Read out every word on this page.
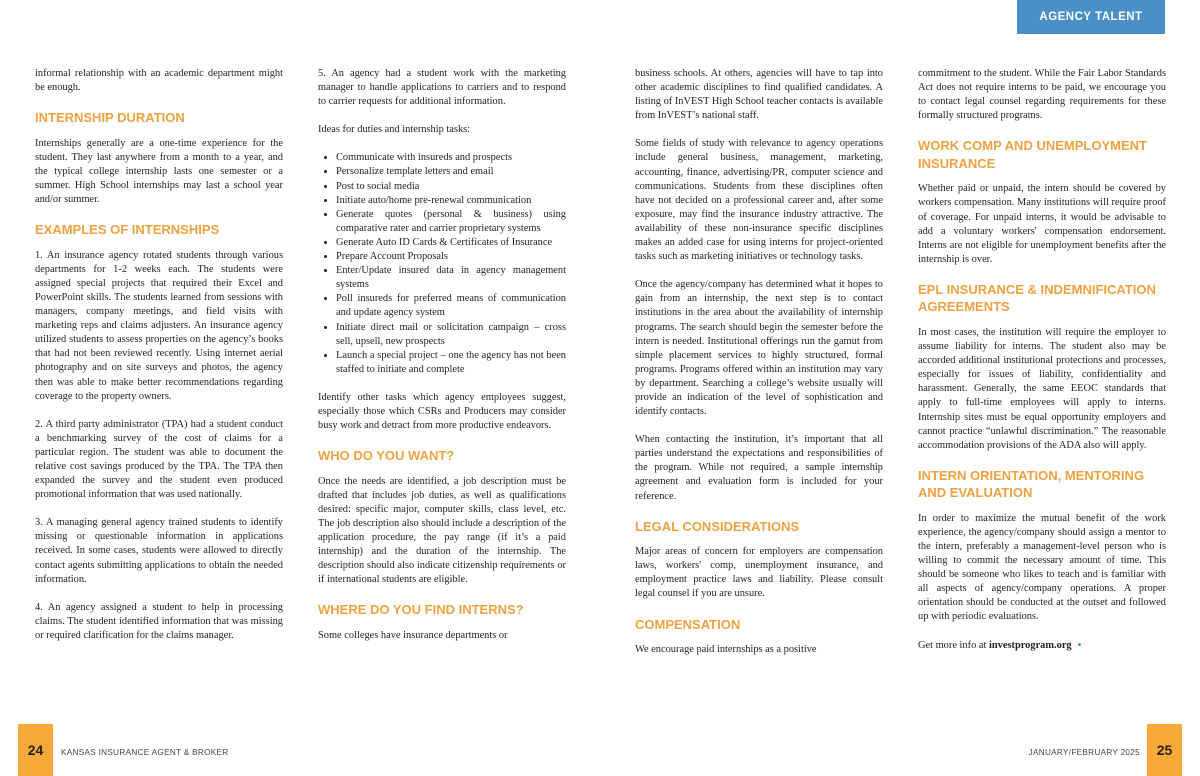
AGENCY TALENT

informal relationship with an academic department might be enough.

INTERNSHIP DURATION

Internships generally are a one-time experience for the student. They last anywhere from a month to a year, and the typical college internship lasts one semester or a summer. High School internships may last a school year and/or summer.

EXAMPLES OF INTERNSHIPS

1. An insurance agency rotated students through various departments for 1-2 weeks each. The students were assigned special projects that required their Excel and PowerPoint skills. The students learned from sessions with managers, company meetings, and field visits with marketing reps and claims adjusters. An insurance agency utilized students to assess properties on the agency’s books that had not been reviewed recently. Using internet aerial photography and on site surveys and photos, the agency then was able to make better recommendations regarding coverage to the property owners.

2. A third party administrator (TPA) had a student conduct a benchmarking survey of the cost of claims for a particular region. The student was able to document the relative cost savings produced by the TPA. The TPA then expanded the survey and the student even produced promotional information that was used nationally.

3. A managing general agency trained students to identify missing or questionable information in applications received. In some cases, students were allowed to directly contact agents submitting applications to obtain the needed information.

4. An agency assigned a student to help in processing claims. The student identified information that was missing or required clarification for the claims manager.

5. An agency had a student work with the marketing manager to handle applications to carriers and to respond to carrier requests for additional information.

Ideas for duties and internship tasks:

• Communicate with insureds and prospects
• Personalize template letters and email
• Post to social media
• Initiate auto/home pre-renewal communication
• Generate quotes (personal & business) using comparative rater and carrier proprietary systems
• Generate Auto ID Cards & Certificates of Insurance
• Prepare Account Proposals
• Enter/Update insured data in agency management systems
• Poll insureds for preferred means of communication and update agency system
• Initiate direct mail or solicitation campaign – cross sell, upsell, new prospects
• Launch a special project – one the agency has not been staffed to initiate and complete

Identify other tasks which agency employees suggest, especially those which CSRs and Producers may consider busy work and detract from more productive endeavors.

WHO DO YOU WANT?

Once the needs are identified, a job description must be drafted that includes job duties, as well as qualifications desired: specific major, computer skills, class level, etc. The job description also should include a description of the application procedure, the pay range (if it’s a paid internship) and the duration of the internship. The description should also indicate citizenship requirements or if international students are eligible.

WHERE DO YOU FIND INTERNS?

Some colleges have insurance departments or

business schools. At others, agencies will have to tap into other academic disciplines to find qualified candidates. A listing of InVEST High School teacher contacts is available from InVEST’s national staff.

Some fields of study with relevance to agency operations include general business, management, marketing, accounting, finance, advertising/PR, computer science and communications. Students from these disciplines often have not decided on a professional career and, after some exposure, may find the insurance industry attractive. The availability of these non-insurance specific disciplines makes an added case for using interns for project-oriented tasks such as marketing initiatives or technology tasks.

Once the agency/company has determined what it hopes to gain from an internship, the next step is to contact institutions in the area about the availability of internship programs. The search should begin the semester before the intern is needed. Institutional offerings run the gamut from simple placement services to highly structured, formal programs. Programs offered within an institution may vary by department. Searching a college’s website usually will provide an indication of the level of sophistication and identify contacts.

When contacting the institution, it’s important that all parties understand the expectations and responsibilities of the program. While not required, a sample internship agreement and evaluation form is included for your reference.

LEGAL CONSIDERATIONS

Major areas of concern for employers are compensation laws, workers' comp, unemployment insurance, and employment practice laws and liability. Please consult legal counsel if you are unsure.

COMPENSATION

We encourage paid internships as a positive

commitment to the student. While the Fair Labor Standards Act does not require interns to be paid, we encourage you to contact legal counsel regarding requirements for these formally structured programs.

WORK COMP AND UNEMPLOYMENT INSURANCE

Whether paid or unpaid, the intern should be covered by workers compensation. Many institutions will require proof of coverage. For unpaid interns, it would be advisable to add a voluntary workers' compensation endorsement. Interns are not eligible for unemployment benefits after the internship is over.

EPL INSURANCE & INDEMNIFICATION AGREEMENTS

In most cases, the institution will require the employer to assume liability for interns. The student also may be accorded additional institutional protections and processes, especially for issues of liability, confidentiality and harassment. Generally, the same EEOC standards that apply to full-time employees will apply to interns. Internship sites must be equal opportunity employers and cannot practice “unlawful discrimination.” The reasonable accommodation provisions of the ADA also will apply.

INTERN ORIENTATION, MENTORING AND EVALUATION

In order to maximize the mutual benefit of the work experience, the agency/company should assign a mentor to the intern, preferably a management-level person who is willing to commit the necessary amount of time. This should be someone who likes to teach and is familiar with all aspects of agency/company operations. A proper orientation should be conducted at the outset and followed up with periodic evaluations.

Get more info at investprogram.org •

24	KANSAS INSURANCE AGENT & BROKER	JANUARY/FEBRUARY 2025	25
